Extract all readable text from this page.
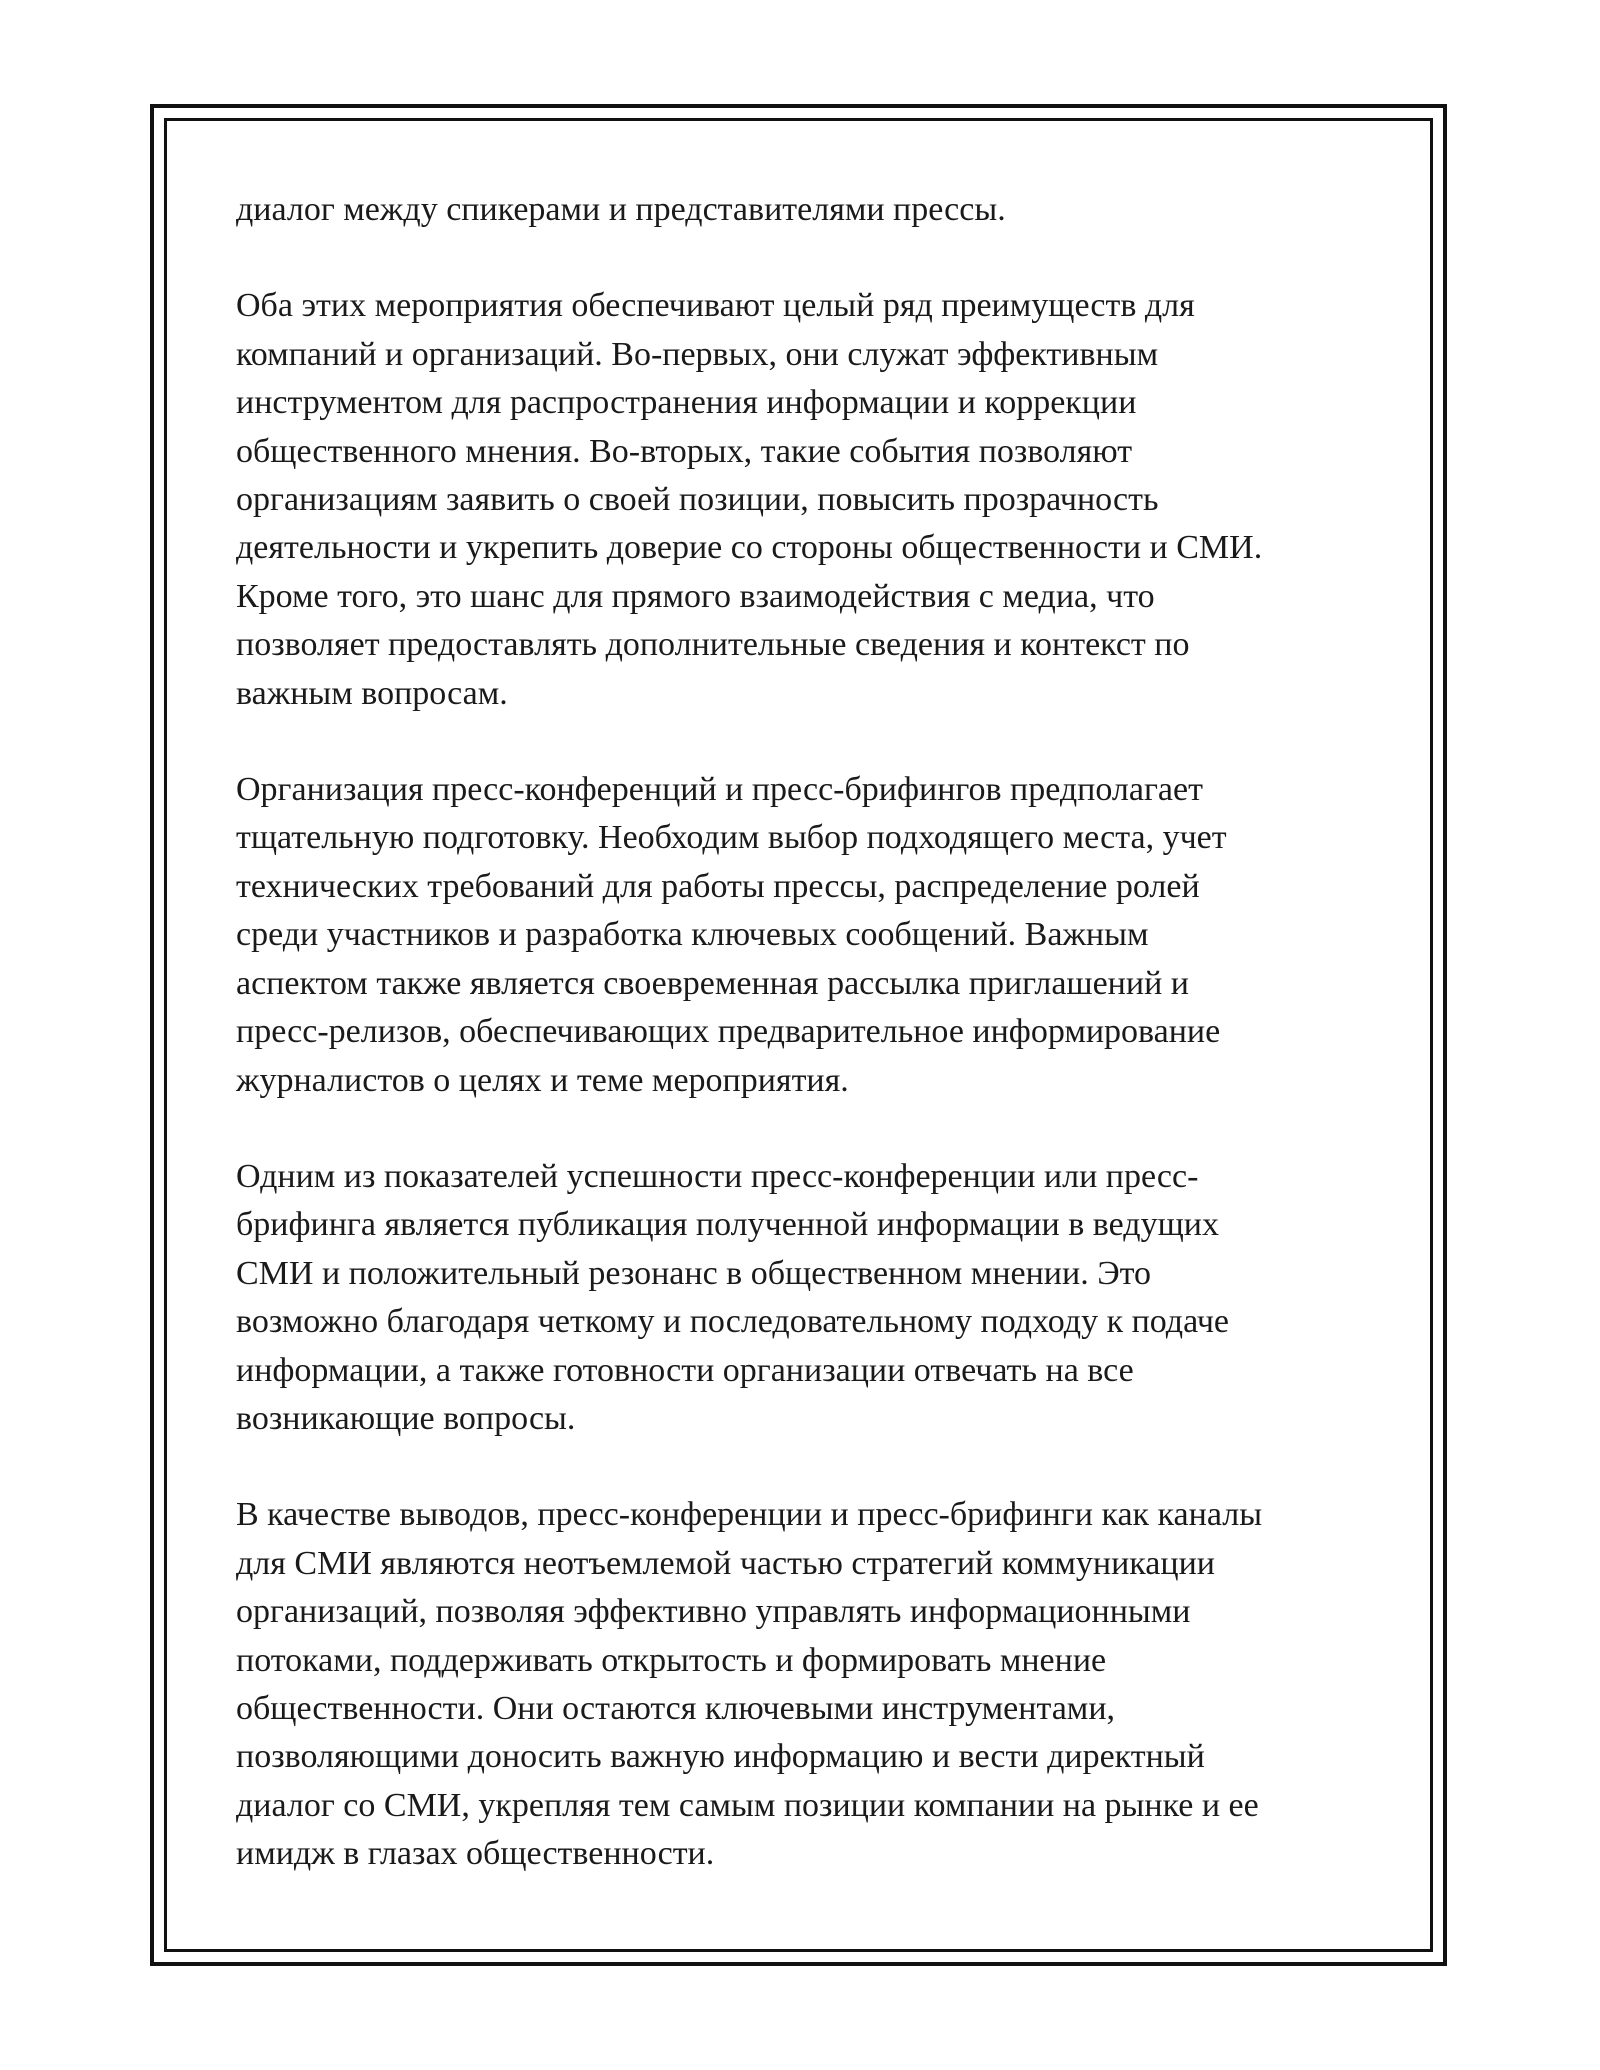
диалог между спикерами и представителями прессы.

Оба этих мероприятия обеспечивают целый ряд преимуществ для
компаний и организаций. Во-первых, они служат эффективным
инструментом для распространения информации и коррекции
общественного мнения. Во-вторых, такие события позволяют
организациям заявить о своей позиции, повысить прозрачность
деятельности и укрепить доверие со стороны общественности и СМИ.
Кроме того, это шанс для прямого взаимодействия с медиа, что
позволяет предоставлять дополнительные сведения и контекст по
важным вопросам.

Организация пресс-конференций и пресс-брифингов предполагает
тщательную подготовку. Необходим выбор подходящего места, учет
технических требований для работы прессы, распределение ролей
среди участников и разработка ключевых сообщений. Важным
аспектом также является своевременная рассылка приглашений и
пресс-релизов, обеспечивающих предварительное информирование
журналистов о целях и теме мероприятия.

Одним из показателей успешности пресс-конференции или пресс-
брифинга является публикация полученной информации в ведущих
СМИ и положительный резонанс в общественном мнении. Это
возможно благодаря четкому и последовательному подходу к подаче
информации, а также готовности организации отвечать на все
возникающие вопросы.

В качестве выводов, пресс-конференции и пресс-брифинги как каналы
для СМИ являются неотъемлемой частью стратегий коммуникации
организаций, позволяя эффективно управлять информационными
потоками, поддерживать открытость и формировать мнение
общественности. Они остаются ключевыми инструментами,
позволяющими доносить важную информацию и вести директный
диалог со СМИ, укрепляя тем самым позиции компании на рынке и ее
имидж в глазах общественности.
